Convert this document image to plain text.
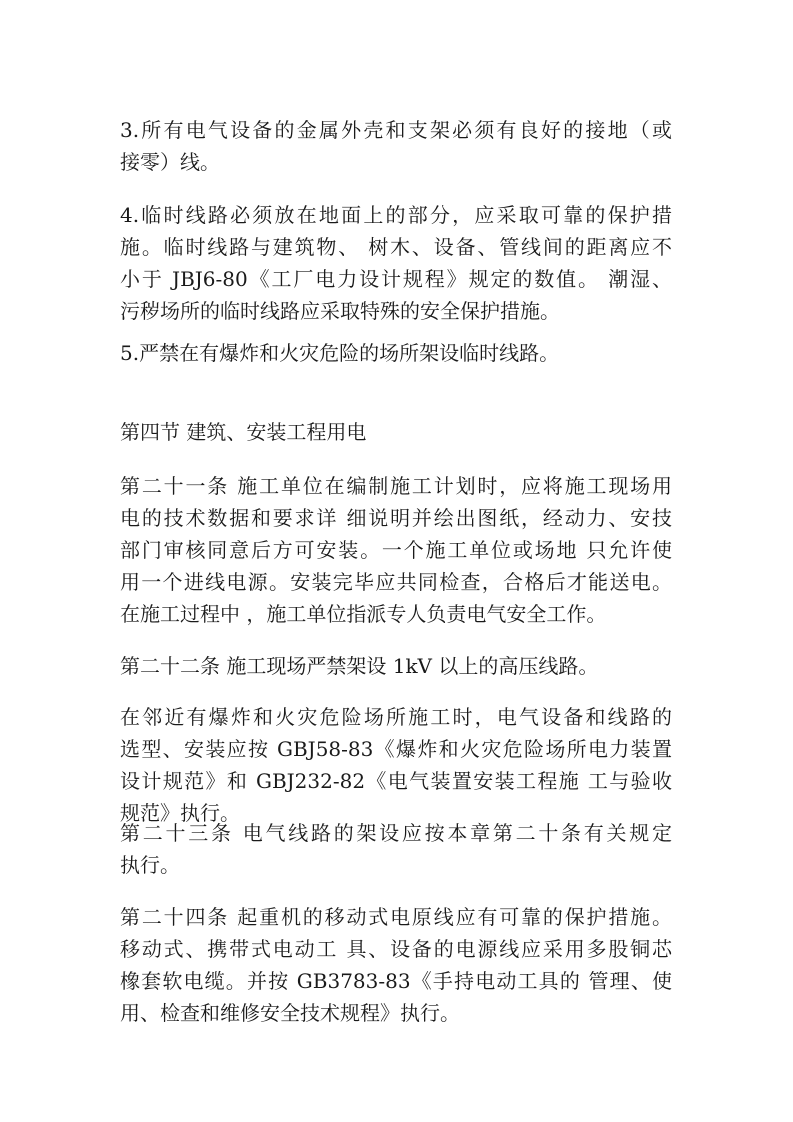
3.所有电气设备的金属外壳和支架必须有良好的接地（或
接零）线。
4.临时线路必须放在地面上的部分，应采取可靠的保护措
施。临时线路与建筑物、 树木、设备、管线间的距离应不
小于 JBJ6-80《工厂电力设计规程》规定的数值。 潮湿、
污秽场所的临时线路应采取特殊的安全保护措施。
5.严禁在有爆炸和火灾危险的场所架设临时线路。
第四节 建筑、安装工程用电
第二十一条 施工单位在编制施工计划时，应将施工现场用
电的技术数据和要求详 细说明并绘出图纸，经动力、安技
部门审核同意后方可安装。一个施工单位或场地 只允许使
用一个进线电源。安装完毕应共同检查，合格后才能送电。
在施工过程中 ，施工单位指派专人负责电气安全工作。
第二十二条 施工现场严禁架设 1kV 以上的高压线路。
在邻近有爆炸和火灾危险场所施工时，电气设备和线路的
选型、安装应按 GBJ58-83《爆炸和火灾危险场所电力装置
设计规范》和 GBJ232-82《电气装置安装工程施 工与验收
规范》执行。
第二十三条 电气线路的架设应按本章第二十条有关规定
执行。
第二十四条 起重机的移动式电原线应有可靠的保护措施。
移动式、携带式电动工 具、设备的电源线应采用多股铜芯
橡套软电缆。并按 GB3783-83《手持电动工具的 管理、使
用、检查和维修安全技术规程》执行。
